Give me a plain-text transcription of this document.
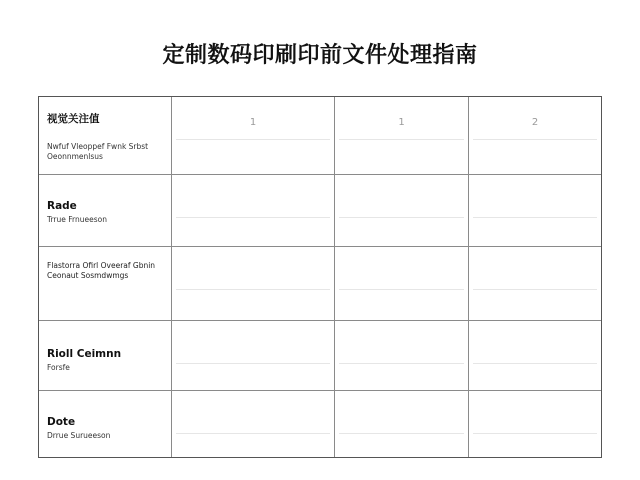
定制数码印刷印前文件处理指南
视觉关注值
Nwfuf Vleoppef Fwnk Srbst Oeonnmenlsus
1	1	2
Rade
Trrue Frnueeson
Flastorra Ofirl Oveeraf Gbnin Ceonaut Sosmdwmgs
Rioll Ceimnn
Forsfe
Dote
Drrue Surueeson
